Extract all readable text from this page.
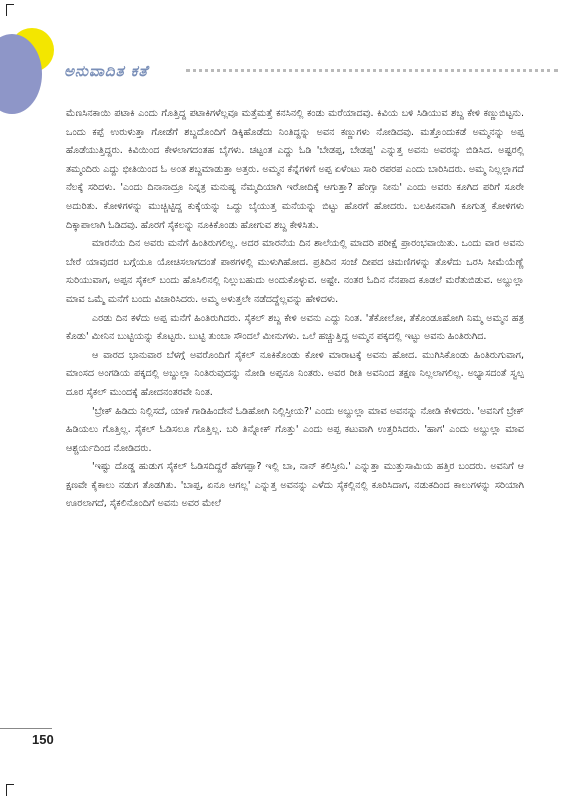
ಅನುವಾದಿತ ಕತೆ

ಮೆಣಸಿನಕಾಯಿ ಪಟಾಕಿ ಎಂದು ಗೊತ್ತಿದ್ದ ಪಟಾಕಿಗಳೆಲ್ಲವೂ ಮತ್ತೆಮತ್ತೆ ಕನಸಿನಲ್ಲಿ ಕಂಡು ಮರೆಯಾದವು. ಕಿವಿಯ ಬಳಿ ಸಿಡಿಯುವ ಶಬ್ದ ಕೇಳಿ ಕಣ್ಣುಬಿಟ್ಟನು. ಒಂದು ಕಪ್ಪೆ ಉರುಳುತ್ತಾ ಗೋಡೆಗೆ ಶಬ್ದದೊಂದಿಗೆ ಡಿಕ್ಕಿಹೊಡೆದು ನಿಂತಿದ್ದನ್ನು ಅವನ ಕಣ್ಣುಗಳು ನೋಡಿದವು. ಮತ್ತೊಂದುಕಡೆ ಅಮ್ಮನನ್ನು ಅಪ್ಪ ಹೊಡೆಯುತ್ತಿದ್ದರು. ಕಿವಿಯಿಂದ ಕೇಳಲಾಗದಂತಹ ಬೈಗಳು. ಚಟ್ಟಂತ ಎದ್ದು ಓಡಿ 'ಬೇಡಪ್ಪ, ಬೇಡಪ್ಪ' ಎನ್ನುತ್ತ ಅವನು ಅವರನ್ನು ಬಿಡಿಸಿದ. ಅಷ್ಟರಲ್ಲಿ ತಮ್ಮಂದಿರು ಎದ್ದು ಭೀತಿಯಿಂದ ಓ ಅಂತ ಶಬ್ದಮಾಡುತ್ತಾ ಅತ್ತರು. ಅಮ್ಮನ ಕೆನ್ನೆಗಳಿಗೆ ಅಪ್ಪ ಏಳೆಂಟು ಸಾರಿ ರಪರಪ ಎಂದು ಬಾರಿಸಿದರು. ಅಮ್ಮ ನಿಲ್ಲಲ್ಲಾಗದೆ ನೆಲಕ್ಕೆ ಸರಿದಳು. 'ಎಂದು ದಿನಾನಾದ್ರೂ ನಿನ್ನತ್ರ ಮನುಷ್ಯ ನೆಮ್ಮದಿಯಾಗಿ ಇರೋದಿಕ್ಕೆ ಆಗುತ್ತಾ? ಹೆಂಗ್ಸಾ ನೀನು' ಎಂದು ಅವರು ಕೂಗಿದ ಪರಿಗೆ ಸೂರೇ ಅದುರಿತು. ಕೋಳಿಗಳನ್ನು ಮುಚ್ಚಿಟ್ಟಿದ್ದ ಕುಕ್ಕೆಯನ್ನು ಒದ್ದು ಬೈಯುತ್ತ ಮನೆಯನ್ನು ಬಿಟ್ಟು ಹೊರಗೆ ಹೋದರು. ಬಲಹೀನವಾಗಿ ಕೂಗುತ್ತ ಕೋಳಿಗಳು ದಿಕ್ಕಾಪಾಲಾಗಿ ಓಡಿದವು. ಹೊರಗೆ ಸೈಕಲನ್ನು ನೂಕಿಕೊಂಡು ಹೋಗುವ ಶಬ್ದ ಕೇಳಿಸಿತು.

ಮಾರನೆಯ ದಿನ ಅವರು ಮನೆಗೆ ಹಿಂತಿರುಗಲಿಲ್ಲ. ಅದರ ಮಾರನೆಯ ದಿನ ಶಾಲೆಯಲ್ಲಿ ಮಾದರಿ ಪರೀಕ್ಷೆ ಪ್ರಾರಂಭವಾಯಿತು. ಒಂದು ವಾರ ಅವನು ಬೇರೆ ಯಾವುದರ ಬಗ್ಗೆಯೂ ಯೋಚಿಸಲಾಗದಂತೆ ಪಾಠಗಳಲ್ಲಿ ಮುಳುಗಿಹೋದ. ಪ್ರತಿದಿನ ಸಂಜೆ ದೀಪದ ಚಿಮಣಿಗಳನ್ನು ತೊಳೆದು ಒರಸಿ ಸೀಮೆಯೆಣ್ಣೆ ಸುರಿಯುವಾಗ, ಅಪ್ಪನ ಸೈಕಲ್ ಬಂದು ಹೊಸಿಲಿನಲ್ಲಿ ನಿಲ್ಲುಬಹುದು ಅಂದುಕೊಳ್ಳುವ. ಅಷ್ಟೇ. ನಂತರ ಓದಿನ ನೆನಪಾದ ಕೂಡಲೆ ಮರೆತುಬಿಡುವ. ಅಬ್ದುಲ್ಲಾ ಮಾವ ಒಮ್ಮೆ ಮನೆಗೆ ಬಂದು ವಿಚಾರಿಸಿದರು. ಅಮ್ಮ ಅಳುತ್ತಲೇ ನಡೆದದ್ದೆಲ್ಲವನ್ನು ಹೇಳಿದಳು.

ಎರಡು ದಿನ ಕಳೆದು ಅಪ್ಪ ಮನೆಗೆ ಹಿಂತಿರುಗಿದರು. ಸೈಕಲ್ ಶಬ್ದ ಕೇಳಿ ಅವನು ಎದ್ದು ನಿಂತ. 'ತೆಕೋಲೋ, ತೆಕೊಂಡೂಹೋಗಿ ನಿಮ್ಮ ಅಮ್ಮನ ಹತ್ರ ಕೊಡು' ಮೀನಿನ ಬುಟ್ಟಿಯನ್ನು ಕೊಟ್ಟರು. ಬುಟ್ಟಿ ತುಂಬಾ ಸೌಂದಲೆ ಮೀನುಗಳು. ಒಲೆ ಹಚ್ಚುತ್ತಿದ್ದ ಅಮ್ಮನ ಪಕ್ಕದಲ್ಲಿ ಇಟ್ಟು ಅವನು ಹಿಂತಿರುಗಿದ.

ಆ ವಾರದ ಭಾನುವಾರ ಬೆಳಗ್ಗೆ ಅವರೊಂದಿಗೆ ಸೈಕಲ್ ನೂಕಿಕೊಂಡು ಕೋಳಿ ಮಾರಾಟಕ್ಕೆ ಅವನು ಹೋದ. ಮುಗಿಸಿಕೊಂಡು ಹಿಂತಿರುಗುವಾಗ, ಮಾಂಸದ ಅಂಗಡಿಯ ಪಕ್ಕದಲ್ಲಿ ಅಬ್ದುಲ್ಲಾ ನಿಂತಿರುವುದನ್ನು ನೋಡಿ ಅಪ್ಪನೂ ನಿಂತರು. ಅವರ ರೀತಿ ಅವನಿಂದ ತಕ್ಷಣ ನಿಲ್ಲಲಾಗಲಿಲ್ಲ. ಅಭ್ಯಾಸದಂತೆ ಸ್ವಲ್ಪ ದೂರ ಸೈಕಲ್ ಮುಂದಕ್ಕೆ ಹೋದನಂತರವೇ ನಿಂತ.

'ಬ್ರೇಕ್ ಹಿಡಿದು ನಿಲ್ಲಿಸದೆ, ಯಾಕೆ ಗಾಡಿಹಿಂದೇನೆ ಓಡಿಹೋಗಿ ನಿಲ್ಲಿಸ್ತೀಯ?' ಎಂದು ಅಬ್ದುಲ್ಲಾ ಮಾವ ಅವನನ್ನು ನೋಡಿ ಕೇಳಿದರು. 'ಅವನಿಗೆ ಬ್ರೇಕ್ ಹಿಡಿಯಲು ಗೊತ್ತಿಲ್ಲ. ಸೈಕಲ್ ಓಡಿಸಲೂ ಗೊತ್ತಿಲ್ಲ. ಬರಿ ತಿನ್ನೋಕ್ ಗೊತ್ತು' ಎಂದು ಅಪ್ಪ ಕಟುವಾಗಿ ಉತ್ತರಿಸಿದರು. 'ಹಾಗ' ಎಂದು ಅಬ್ದುಲ್ಲಾ ಮಾವ ಆಶ್ಚರ್ಯದಿಂದ ನೋಡಿದರು.

'ಇಷ್ಟು ದೊಡ್ಡ ಹುಡುಗ ಸೈಕಲ್ ಓಡಿಸದಿದ್ದರೆ ಹೇಗಪ್ಪಾ? ಇಲ್ಲಿ ಬಾ, ನಾನ್ ಕಲಿಸ್ತೀನಿ.' ಎನ್ನುತ್ತಾ ಮುತ್ತುಸಾಮಿಯ ಹತ್ತಿರ ಬಂದರು. ಅವನಿಗೆ ಆ ಕ್ಷಣವೇ ಕೈಕಾಲು ನಡುಗ ತೊಡಗಿತು. 'ಬಾಪ್ಪ, ಏನೂ ಆಗಲ್ಲ' ಎನ್ನುತ್ತ ಅವನನ್ನು ಎಳೆದು ಸೈಕಲ್ಲಿನಲ್ಲಿ ಕೂರಿಸಿದಾಗ, ನಡುಕದಿಂದ ಕಾಲುಗಳನ್ನು ಸರಿಯಾಗಿ ಊರಲಾಗದೆ, ಸೈಕಲಿನೊಂದಿಗೆ ಅವನು ಅವರ ಮೇಲೆ

150
